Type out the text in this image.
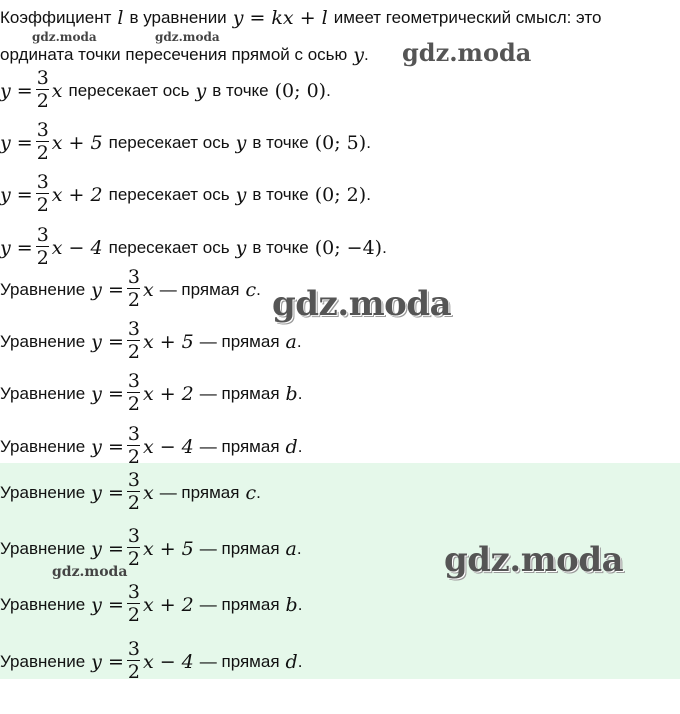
Коэффициент l в уравнении y = kx + l имеет геометрический смысл: это
ордината точки пересечения прямой с осью y .
gdz.moda	gdz.moda
gdz.moda
$y = \frac{3}{2}$ x пересекает ось y в точке (0; 0) .
$y = \frac{3}{2}$ x + 5 пересекает ось y в точке (0; 5) .
$y = \frac{3}{2}$ x + 2 пересекает ось y в точке (0; 2) .
$y = \frac{3}{2}$ x − 4 пересекает ось y в точке (0; −4) .
Уравнение $y = \frac{3}{2}$ x — прямая c .
Уравнение $y = \frac{3}{2}$ x + 5 — прямая a .
Уравнение $y = \frac{3}{2}$ x + 2 — прямая b .
Уравнение $y = \frac{3}{2}$ x − 4 — прямая d .
Уравнение $y = \frac{3}{2}$ x — прямая c .
Уравнение $y = \frac{3}{2}$ x + 5 — прямая a .
Уравнение $y = \frac{3}{2}$ x + 2 — прямая b .
Уравнение $y = \frac{3}{2}$ x − 4 — прямая d .
gdz.moda
gdz.moda
gdz.moda
